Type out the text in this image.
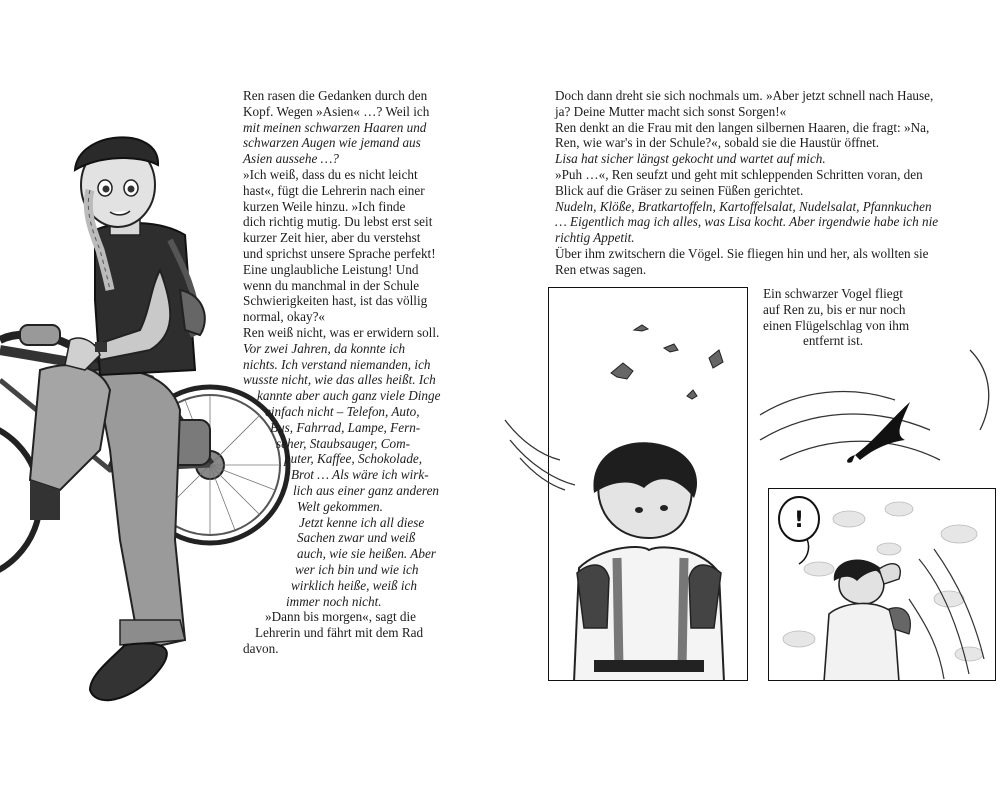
Ren rasen die Gedanken durch den
Kopf. Wegen »Asien« …? Weil ich
mit meinen schwarzen Haaren und
schwarzen Augen wie jemand aus
Asien aussehe …?
»Ich weiß, dass du es nicht leicht
hast«, fügt die Lehrerin nach einer
kurzen Weile hinzu. »Ich finde
dich richtig mutig. Du lebst erst seit
kurzer Zeit hier, aber du verstehst
und sprichst unsere Sprache perfekt!
Eine unglaubliche Leistung! Und
wenn du manchmal in der Schule
Schwierigkeiten hast, ist das völlig
normal, okay?«
Ren weiß nicht, was er erwidern soll.
Vor zwei Jahren, da konnte ich
nichts. Ich verstand niemanden, ich
wusste nicht, wie das alles heißt. Ich
kannte aber auch ganz viele Dinge
einfach nicht – Telefon, Auto,
Bus, Fahrrad, Lampe, Fern-
seher, Staubsauger, Com-
puter, Kaffee, Schokolade,
Brot … Als wäre ich wirk-
lich aus einer ganz anderen
Welt gekommen.
Jetzt kenne ich all diese
Sachen zwar und weiß
auch, wie sie heißen. Aber
wer ich bin und wie ich
wirklich heiße, weiß ich
immer noch nicht.
»Dann bis morgen«, sagt die
Lehrerin und fährt mit dem Rad
davon.
Doch dann dreht sie sich nochmals um. »Aber jetzt schnell nach Hause,
ja? Deine Mutter macht sich sonst Sorgen!«
Ren denkt an die Frau mit den langen silbernen Haaren, die fragt: »Na,
Ren, wie war's in der Schule?«, sobald sie die Haustür öffnet.
Lisa hat sicher längst gekocht und wartet auf mich.
»Puh …«, Ren seufzt und geht mit schleppenden Schritten voran, den
Blick auf die Gräser zu seinen Füßen gerichtet.
Nudeln, Klöße, Bratkartoffeln, Kartoffelsalat, Nudelsalat, Pfannkuchen
… Eigentlich mag ich alles, was Lisa kocht. Aber irgendwie habe ich nie
richtig Appetit.
Über ihm zwitschern die Vögel. Sie fliegen hin und her, als wollten sie
Ren etwas sagen.
Ein schwarzer Vogel fliegt
auf Ren zu, bis er nur noch
einen Flügelschlag von ihm
entfernt ist.
!
